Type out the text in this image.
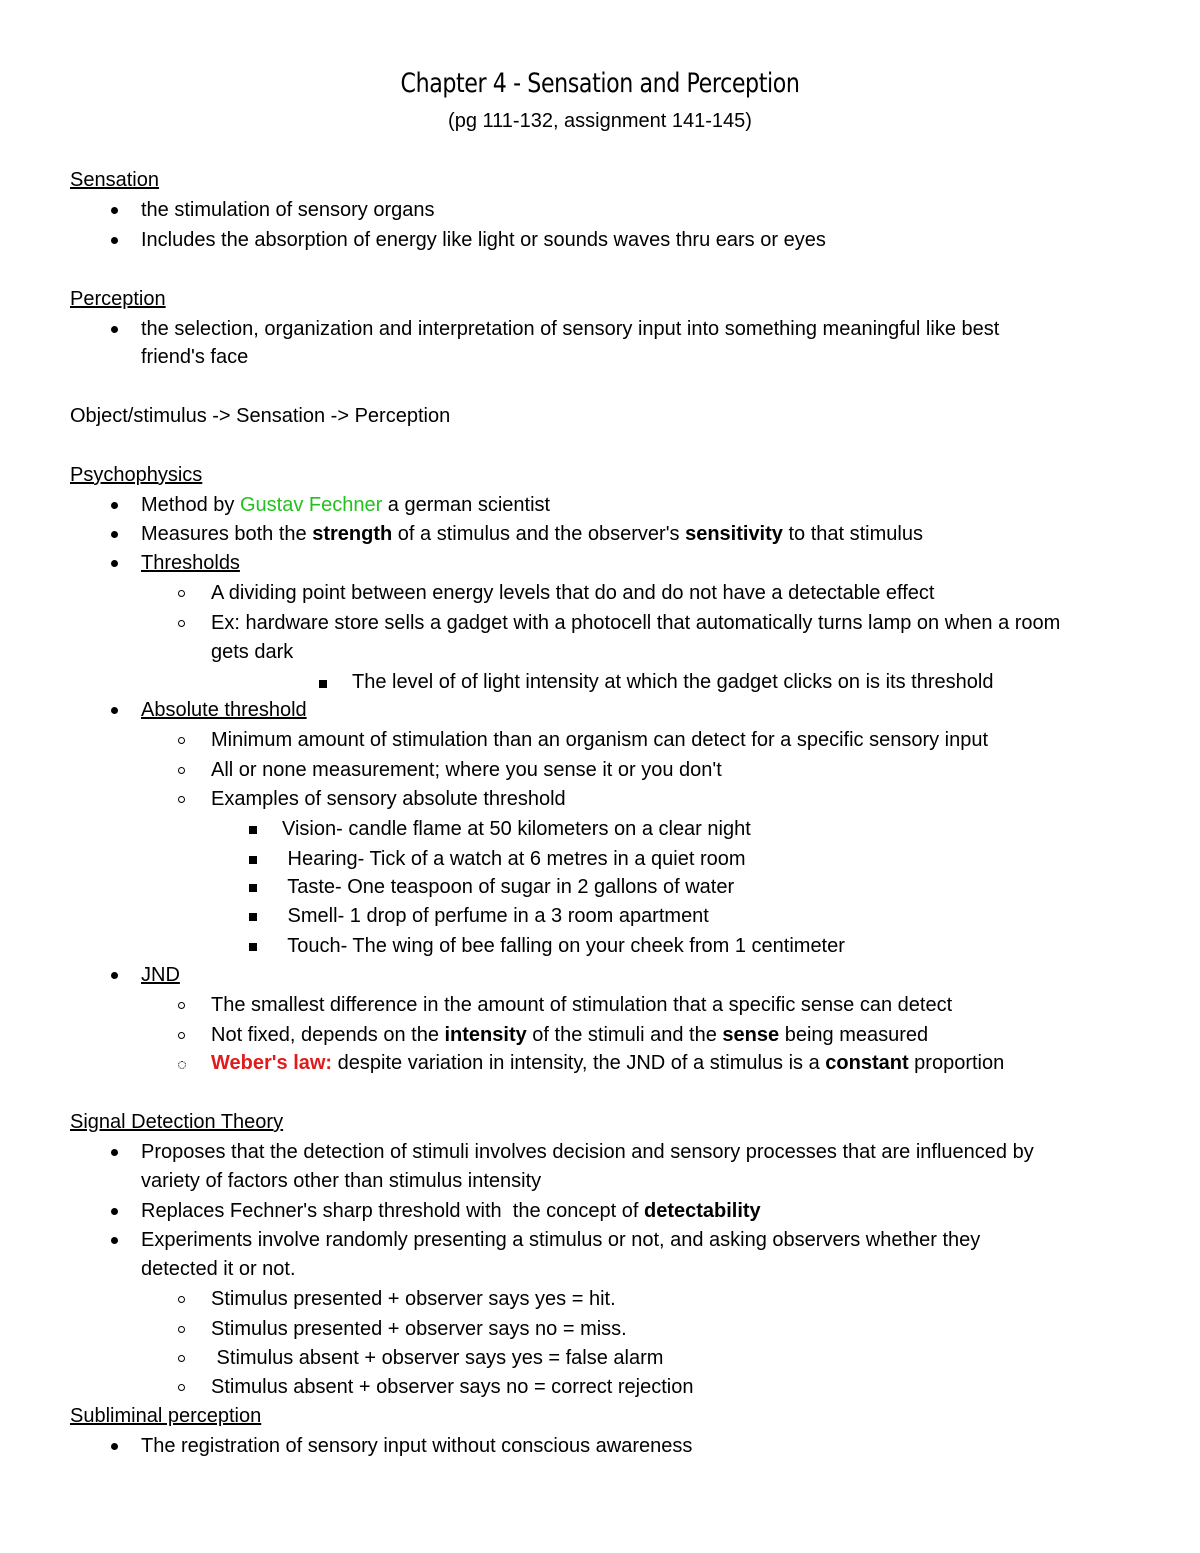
Chapter 4 - Sensation and Perception
(pg 111-132, assignment 141-145)
Sensation
the stimulation of sensory organs
Includes the absorption of energy like light or sounds waves thru ears or eyes
Perception
the selection, organization and interpretation of sensory input into something meaningful like best
friend's face
Object/stimulus -> Sensation -> Perception
Psychophysics
Method by Gustav Fechner a german scientist
Measures both the strength of a stimulus and the observer's sensitivity to that stimulus
Thresholds
A dividing point between energy levels that do and do not have a detectable effect
Ex: hardware store sells a gadget with a photocell that automatically turns lamp on when a room
gets dark
The level of of light intensity at which the gadget clicks on is its threshold
Absolute threshold
Minimum amount of stimulation than an organism can detect for a specific sensory input
All or none measurement; where you sense it or you don't
Examples of sensory absolute threshold
Vision- candle flame at 50 kilometers on a clear night
Hearing- Tick of a watch at 6 metres in a quiet room
Taste- One teaspoon of sugar in 2 gallons of water
Smell- 1 drop of perfume in a 3 room apartment
Touch- The wing of bee falling on your cheek from 1 centimeter
JND
The smallest difference in the amount of stimulation that a specific sense can detect
Not fixed, depends on the intensity of the stimuli and the sense being measured
Weber's law: despite variation in intensity, the JND of a stimulus is a constant proportion
Signal Detection Theory
Proposes that the detection of stimuli involves decision and sensory processes that are influenced by
variety of factors other than stimulus intensity
Replaces Fechner's sharp threshold with  the concept of detectability
Experiments involve randomly presenting a stimulus or not, and asking observers whether they
detected it or not.
Stimulus presented + observer says yes = hit.
Stimulus presented + observer says no = miss.
Stimulus absent + observer says yes = false alarm
Stimulus absent + observer says no = correct rejection
Subliminal perception
The registration of sensory input without conscious awareness
